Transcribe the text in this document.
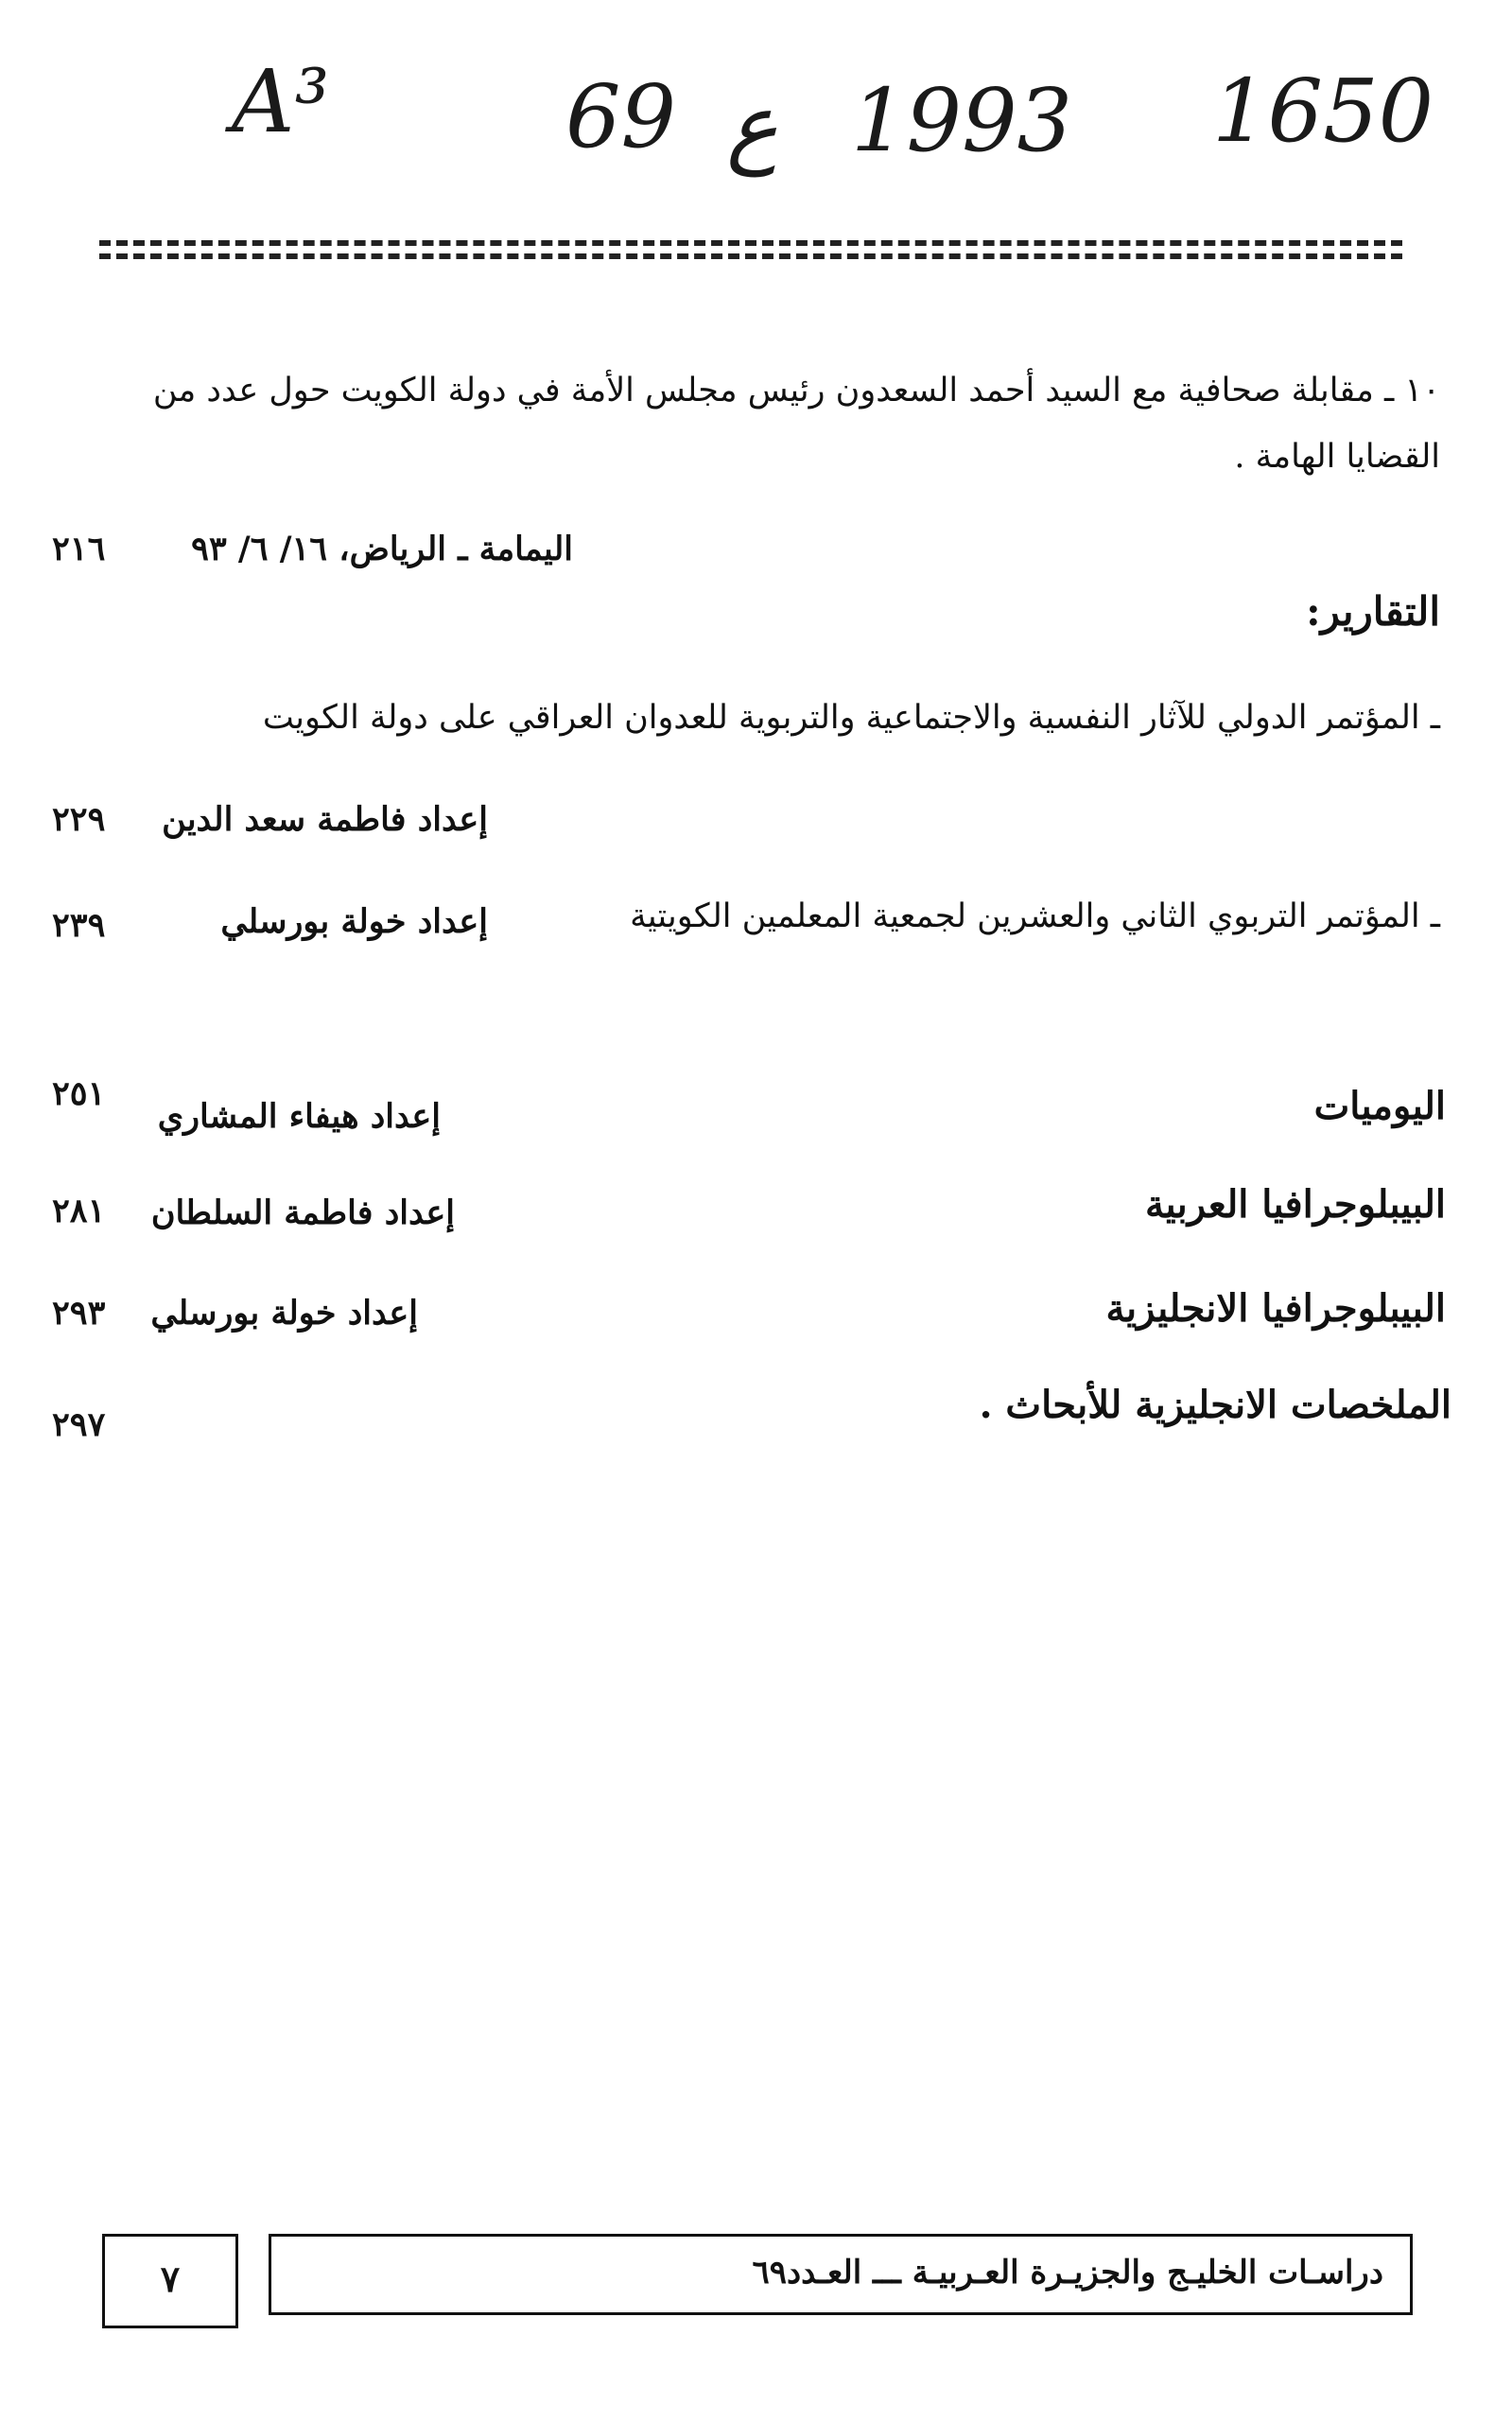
A³	69 ع 1993 1650
١٠ ـ مقابلة صحافية مع السيد أحمد السعدون رئيس مجلس الأمة في دولة الكويت حول عدد من
القضايا الهامة .
اليمامة ـ الرياض، ١٦/ ٦/ ٩٣
٢١٦
التقارير:
ـ المؤتمر الدولي للآثار النفسية والاجتماعية والتربوية للعدوان العراقي على دولة الكويت
إعداد فاطمة سعد الدين
٢٢٩
ـ المؤتمر التربوي الثاني والعشرين لجمعية المعلمين الكويتية
إعداد خولة بورسلي
٢٣٩
اليوميات
إعداد هيفاء المشاري
٢٥١
البيبلوجرافيا العربية
إعداد فاطمة السلطان
٢٨١
البيبلوجرافيا الانجليزية
إعداد خولة بورسلي
٢٩٣
الملخصات الانجليزية للأبحاث .
٢٩٧
دراسـات الخليـج والجزيـرة العـربيـة ـــ العـدد٦٩
٧
